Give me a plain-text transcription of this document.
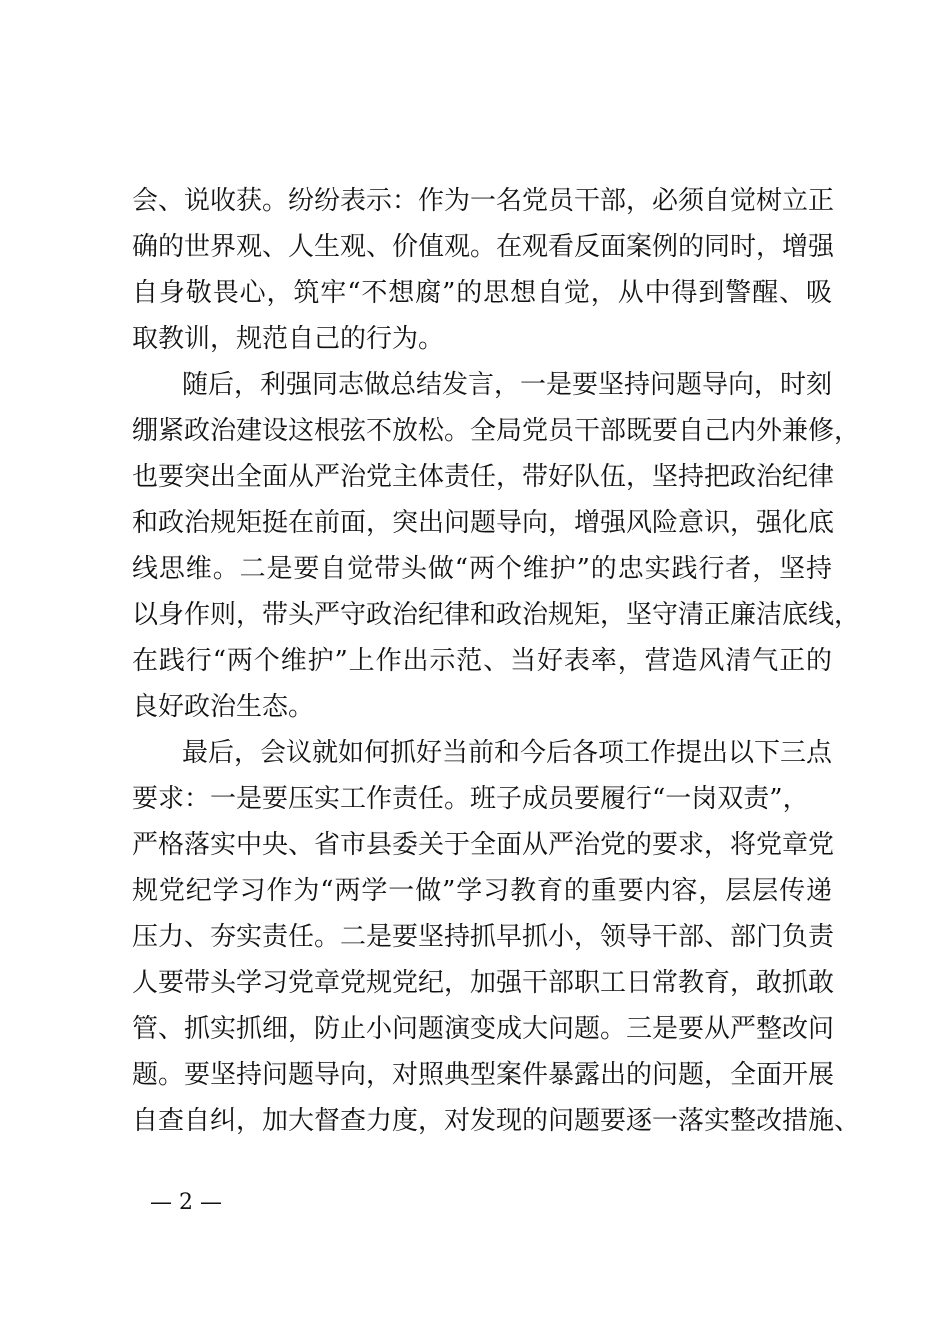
会、说收获。纷纷表示：作为一名党员干部，必须自觉树立正
确的世界观、人生观、价值观。在观看反面案例的同时，增强
自身敬畏心，筑牢“不想腐”的思想自觉，从中得到警醒、吸
取教训，规范自己的行为。
随后，利强同志做总结发言，一是要坚持问题导向，时刻
绷紧政治建设这根弦不放松。全局党员干部既要自己内外兼修，
也要突出全面从严治党主体责任，带好队伍，坚持把政治纪律
和政治规矩挺在前面，突出问题导向，增强风险意识，强化底
线思维。二是要自觉带头做“两个维护”的忠实践行者，坚持
以身作则，带头严守政治纪律和政治规矩，坚守清正廉洁底线，
在践行“两个维护”上作出示范、当好表率，营造风清气正的
良好政治生态。
最后，会议就如何抓好当前和今后各项工作提出以下三点
要求：一是要压实工作责任。班子成员要履行“一岗双责”，
严格落实中央、省市县委关于全面从严治党的要求，将党章党
规党纪学习作为“两学一做”学习教育的重要内容，层层传递
压力、夯实责任。二是要坚持抓早抓小，领导干部、部门负责
人要带头学习党章党规党纪，加强干部职工日常教育，敢抓敢
管、抓实抓细，防止小问题演变成大问题。三是要从严整改问
题。要坚持问题导向，对照典型案件暴露出的问题，全面开展
自查自纠，加大督查力度，对发现的问题要逐一落实整改措施、
— 2 —
